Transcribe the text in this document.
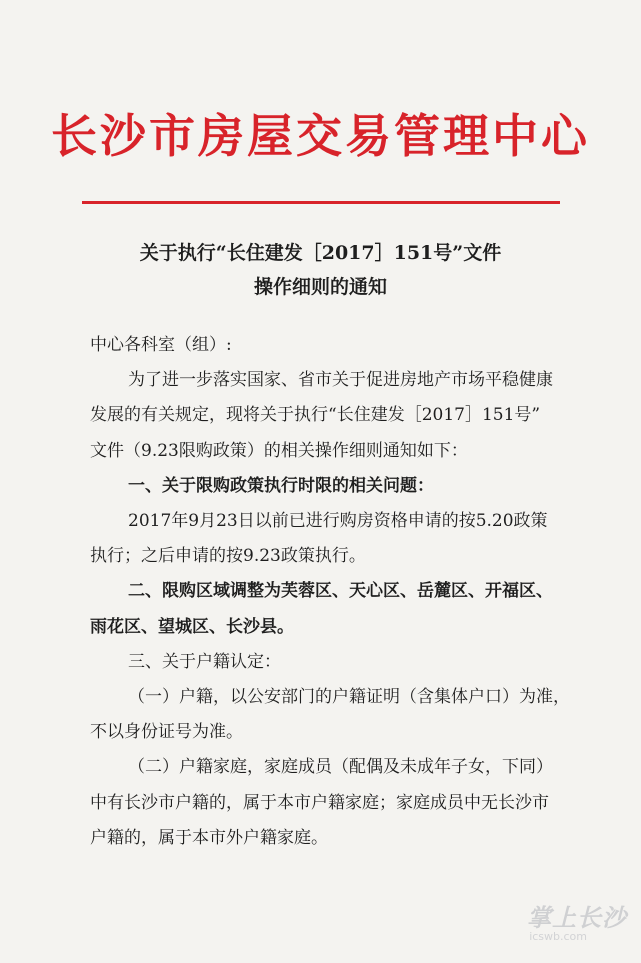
长沙市房屋交易管理中心
关于执行“长住建发［2017］151号”文件
操作细则的通知

中心各科室（组）:

为了进一步落实国家、省市关于促进房地产市场平稳健康

发展的有关规定，现将关于执行“长住建发［2017］151号”

文件（9.23限购政策）的相关操作细则通知如下：

一、关于限购政策执行时限的相关问题：

2017年9月23日以前已进行购房资格申请的按5.20政策

执行；之后申请的按9.23政策执行。

二、限购区域调整为芙蓉区、天心区、岳麓区、开福区、

雨花区、望城区、长沙县。

三、关于户籍认定：

（一）户籍，以公安部门的户籍证明（含集体户口）为准，

不以身份证号为准。

（二）户籍家庭，家庭成员（配偶及未成年子女，下同）

中有长沙市户籍的，属于本市户籍家庭；家庭成员中无长沙市

户籍的，属于本市外户籍家庭。

掌上长沙
icswb.com
